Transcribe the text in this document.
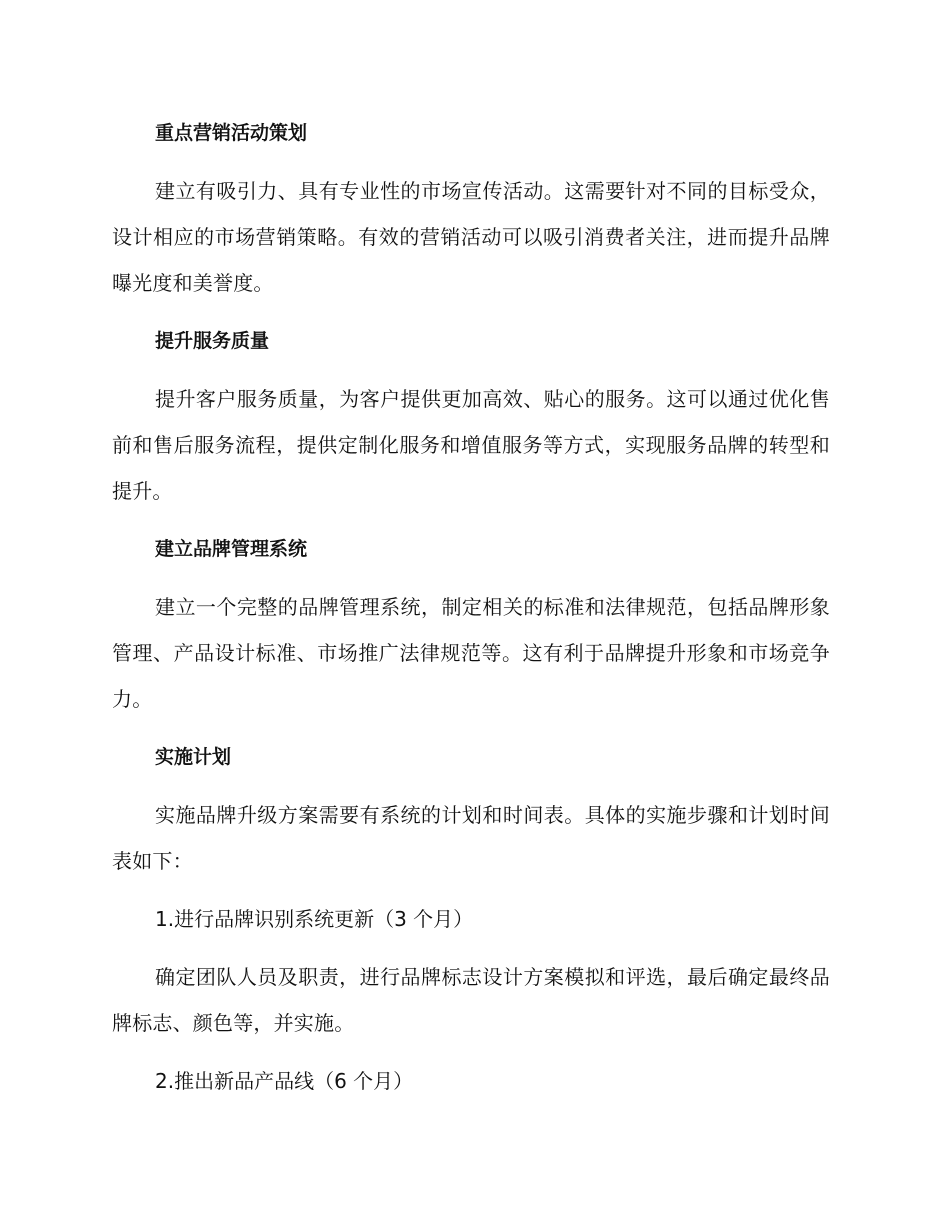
重点营销活动策划

建立有吸引力、具有专业性的市场宣传活动。这需要针对不同的目标受众，设计相应的市场营销策略。有效的营销活动可以吸引消费者关注，进而提升品牌曝光度和美誉度。

提升服务质量

提升客户服务质量，为客户提供更加高效、贴心的服务。这可以通过优化售前和售后服务流程，提供定制化服务和增值服务等方式，实现服务品牌的转型和提升。

建立品牌管理系统

建立一个完整的品牌管理系统，制定相关的标准和法律规范，包括品牌形象管理、产品设计标准、市场推广法律规范等。这有利于品牌提升形象和市场竞争力。

实施计划

实施品牌升级方案需要有系统的计划和时间表。具体的实施步骤和计划时间表如下：

1.进行品牌识别系统更新（3 个月）

确定团队人员及职责，进行品牌标志设计方案模拟和评选，最后确定最终品牌标志、颜色等，并实施。

2.推出新品产品线（6 个月）
